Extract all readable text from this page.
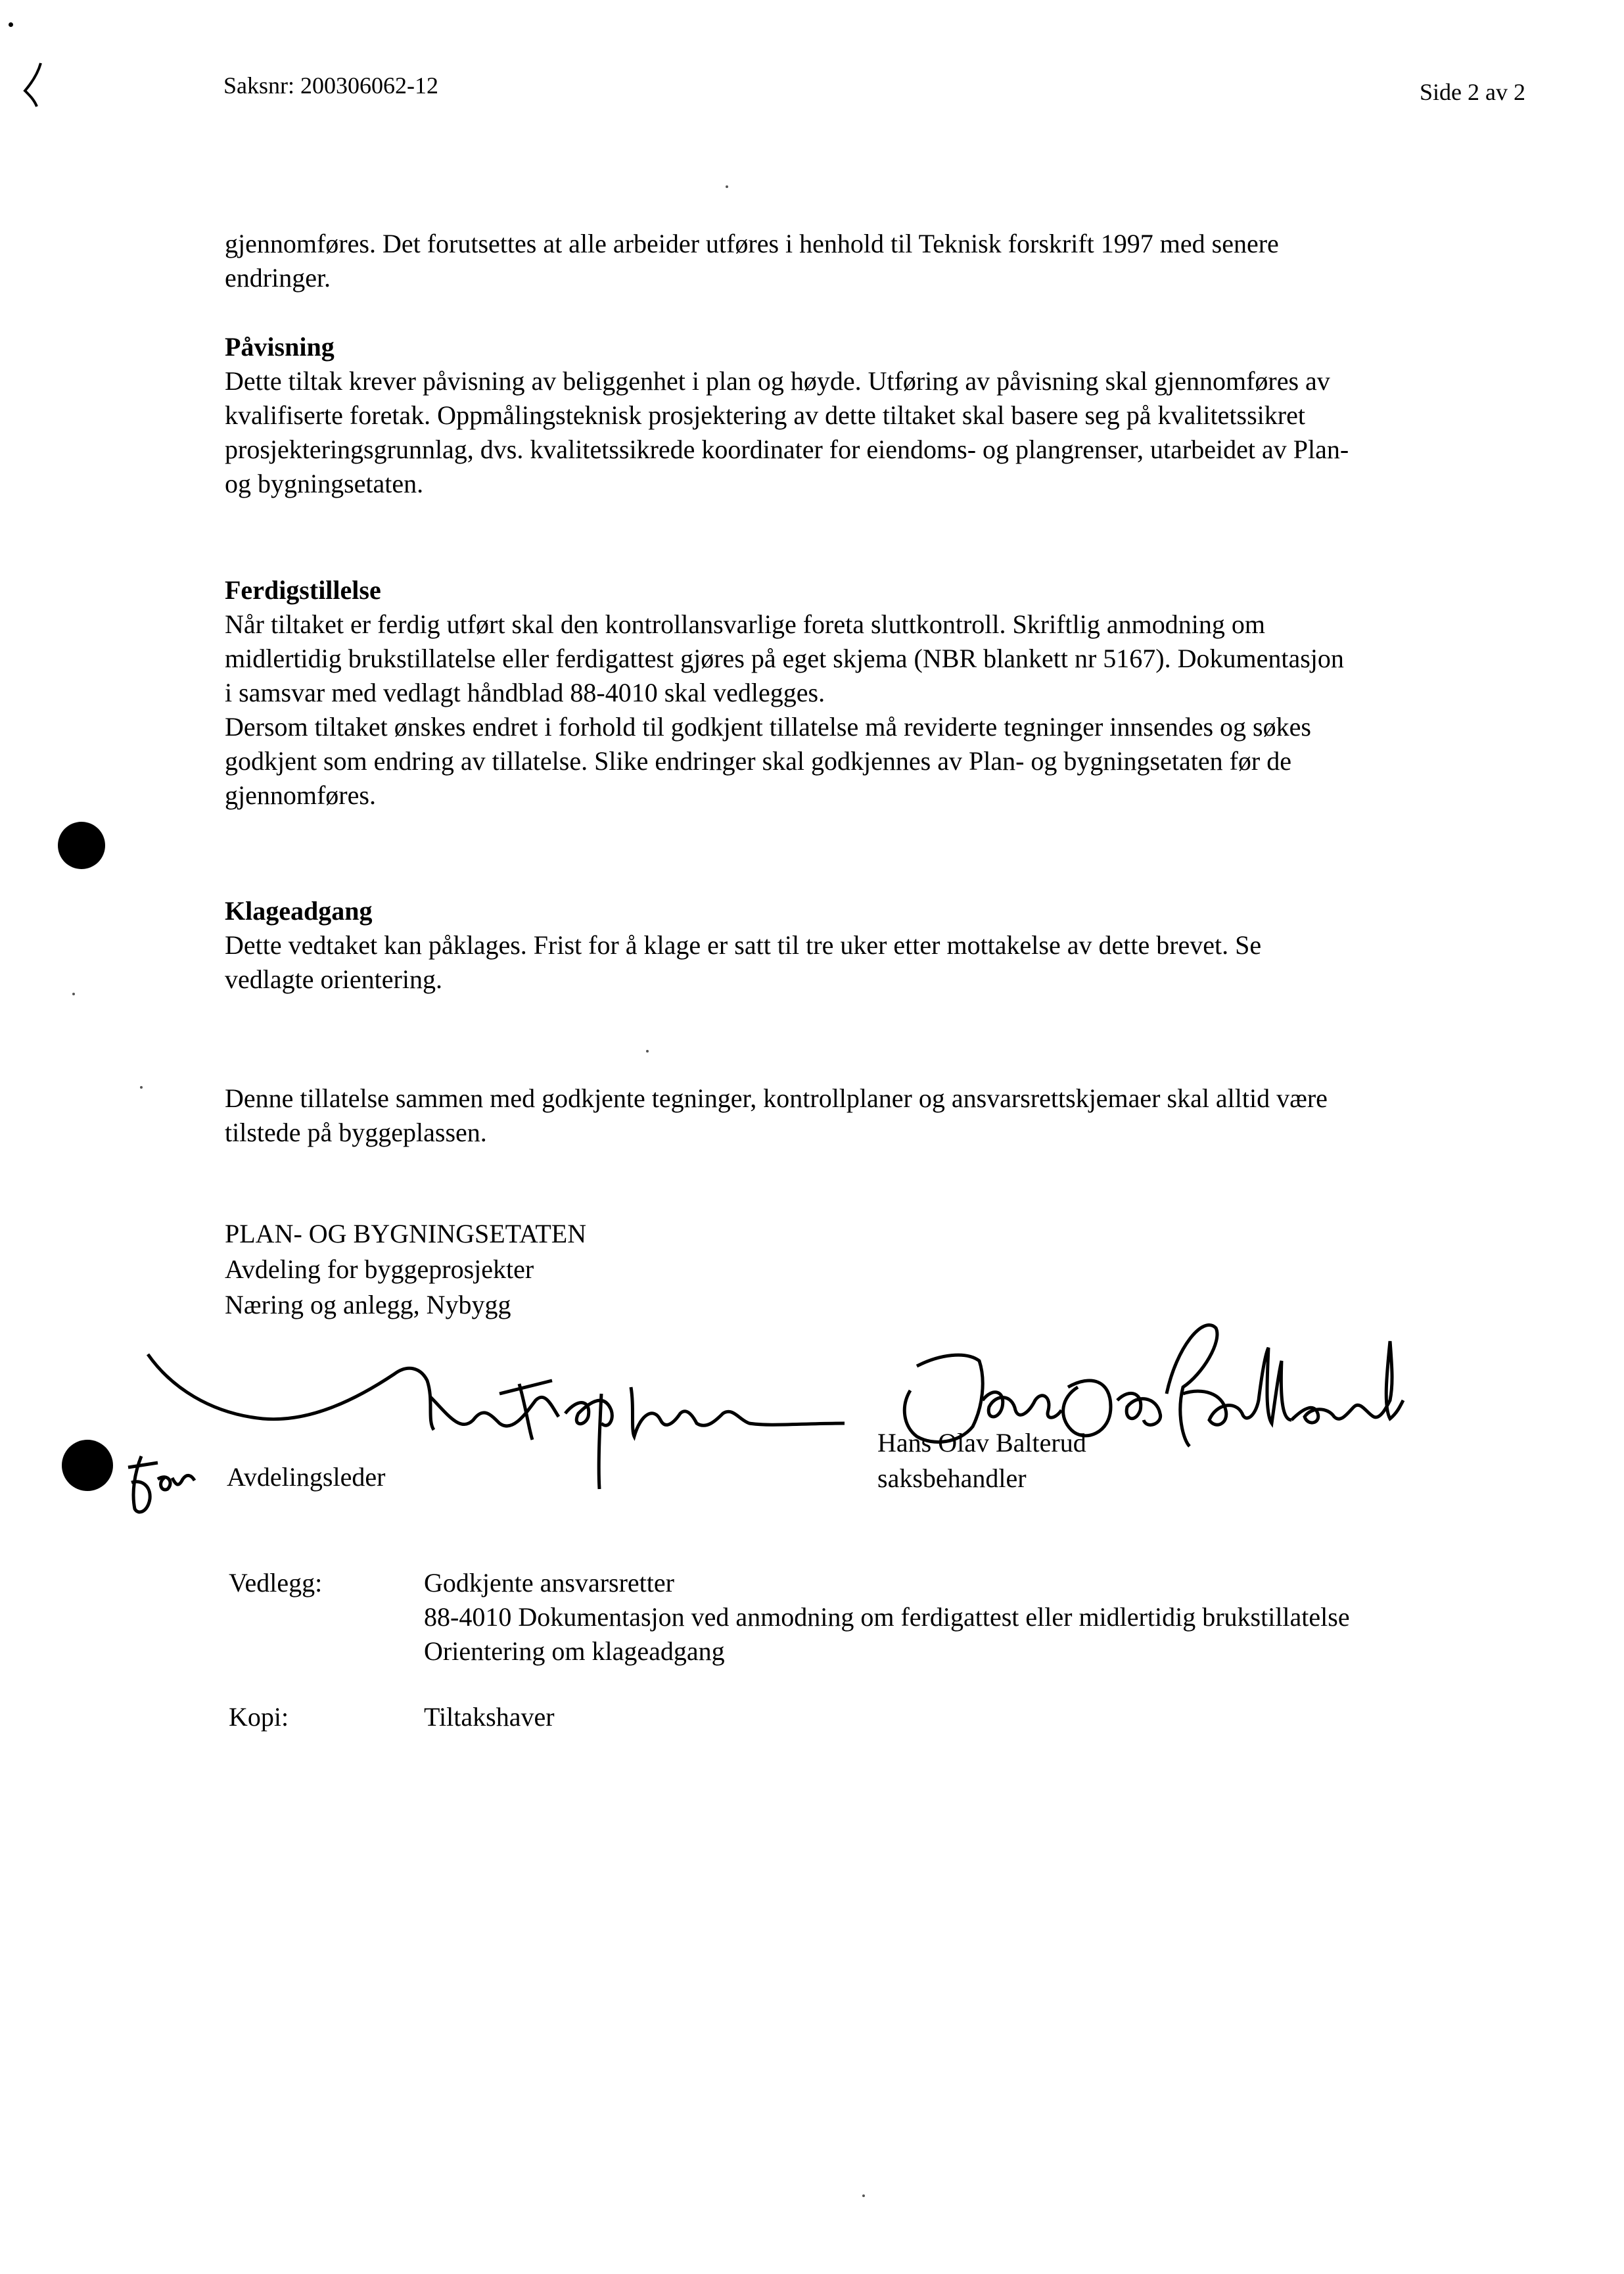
Saksnr: 200306062-12	Side 2 av 2

gjennomføres. Det forutsettes at alle arbeider utføres i henhold til Teknisk forskrift 1997 med senere

endringer.

Påvisning

Dette tiltak krever påvisning av beliggenhet i plan og høyde. Utføring av påvisning skal gjennomføres av

kvalifiserte foretak. Oppmålingsteknisk prosjektering av dette tiltaket skal basere seg på kvalitetssikret

prosjekteringsgrunnlag, dvs. kvalitetssikrede koordinater for eiendoms- og plangrenser, utarbeidet av Plan-

og bygningsetaten.

Ferdigstillelse

Når tiltaket er ferdig utført skal den kontrollansvarlige foreta sluttkontroll. Skriftlig anmodning om

midlertidig brukstillatelse eller ferdigattest gjøres på eget skjema (NBR blankett nr 5167). Dokumentasjon

i samsvar med vedlagt håndblad 88-4010 skal vedlegges.

Dersom tiltaket ønskes endret i forhold til godkjent tillatelse må reviderte tegninger innsendes og søkes

godkjent som endring av tillatelse. Slike endringer skal godkjennes av Plan- og bygningsetaten før de

gjennomføres.

Klageadgang

Dette vedtaket kan påklages. Frist for å klage er satt til tre uker etter mottakelse av dette brevet. Se

vedlagte orientering.

Denne tillatelse sammen med godkjente tegninger, kontrollplaner og ansvarsrettskjemaer skal alltid være

tilstede på byggeplassen.

PLAN- OG BYGNINGSETATEN
Avdeling for byggeprosjekter
Næring og anlegg, Nybygg
Avdelingsleder
Hans Olav Balterud
saksbehandler
Vedlegg:	Godkjente ansvarsretter
88-4010 Dokumentasjon ved anmodning om ferdigattest eller midlertidig brukstillatelse
Orientering om klageadgang
Kopi:	Tiltakshaver
